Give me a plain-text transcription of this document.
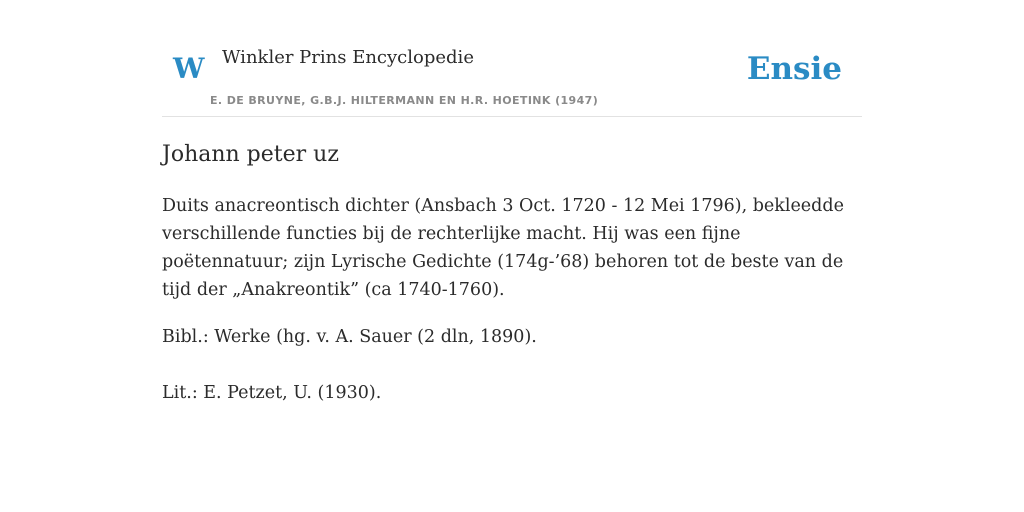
W Winkler Prins Encyclopedie
E. DE BRUYNE, G.B.J. HILTERMANN EN H.R. HOETINK (1947)
Ensie
Johann peter uz

Duits anacreontisch dichter (Ansbach 3 Oct. 1720 - 12 Mei 1796), bekleedde verschillende functies bij de rechterlijke macht. Hij was een fijne poëtennatuur; zijn Lyrische Gedichte (174g-’68) behoren tot de beste van de tijd der „Anakreontik” (ca 1740-1760).

Bibl.: Werke (hg. v. A. Sauer (2 dln, 1890).

Lit.: E. Petzet, U. (1930).
